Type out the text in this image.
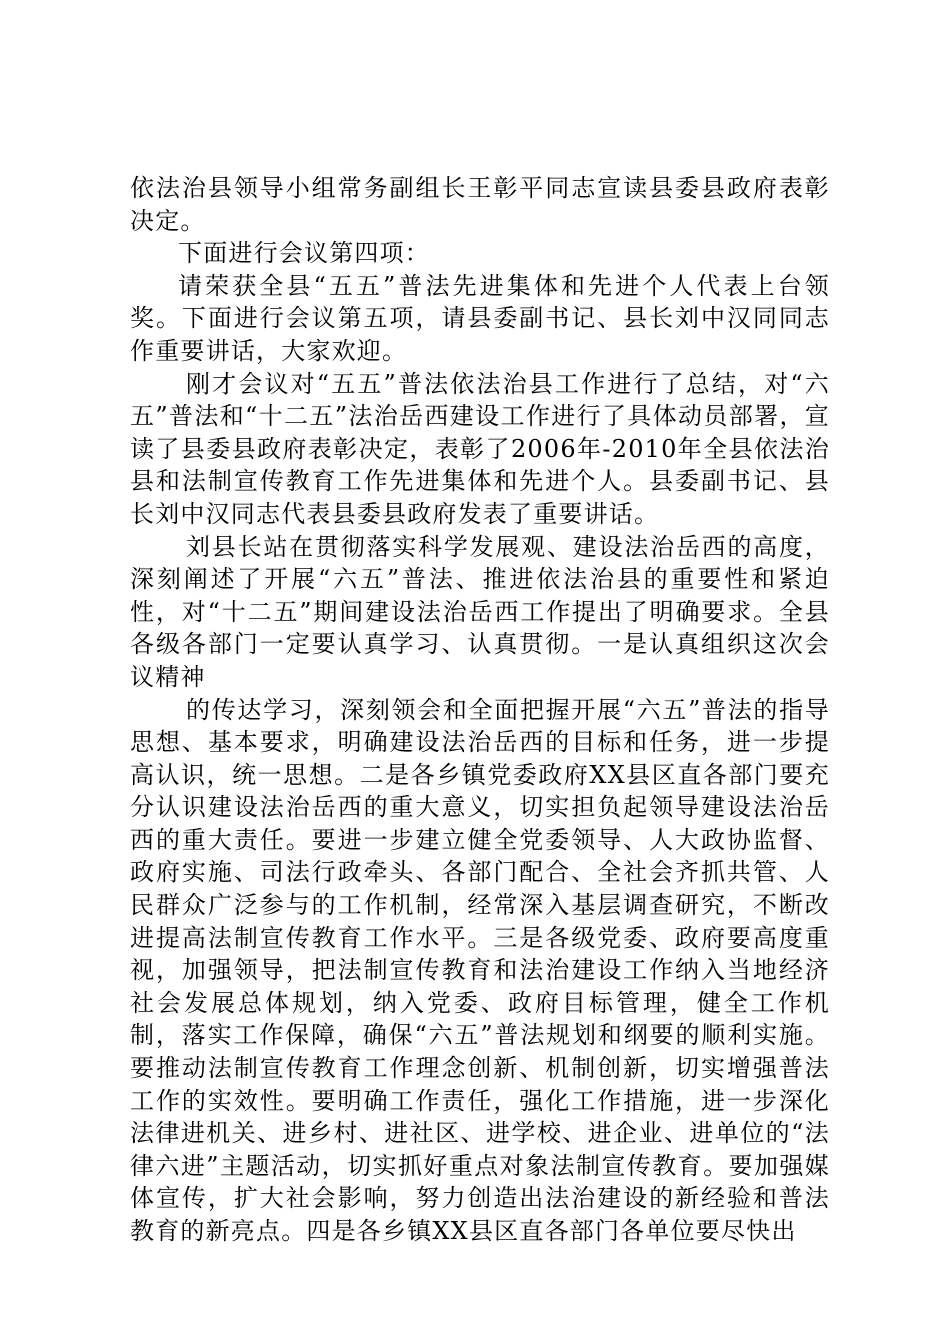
依法治县领导小组常务副组长王彰平同志宣读县委县政府表彰决定。

下面进行会议第四项：

请荣获全县“五五”普法先进集体和先进个人代表上台领奖。下面进行会议第五项，请县委副书记、县长刘中汉同同志作重要讲话，大家欢迎。

刚才会议对“五五”普法依法治县工作进行了总结，对“六五”普法和“十二五”法治岳西建设工作进行了具体动员部署，宣读了县委县政府表彰决定，表彰了2006年-2010年全县依法治县和法制宣传教育工作先进集体和先进个人。县委副书记、县长刘中汉同志代表县委县政府发表了重要讲话。

刘县长站在贯彻落实科学发展观、建设法治岳西的高度，深刻阐述了开展“六五”普法、推进依法治县的重要性和紧迫性，对“十二五”期间建设法治岳西工作提出了明确要求。全县各级各部门一定要认真学习、认真贯彻。一是认真组织这次会议精神

的传达学习，深刻领会和全面把握开展“六五”普法的指导思想、基本要求，明确建设法治岳西的目标和任务，进一步提高认识，统一思想。二是各乡镇党委政府XX县区直各部门要充分认识建设法治岳西的重大意义，切实担负起领导建设法治岳西的重大责任。要进一步建立健全党委领导、人大政协监督、政府实施、司法行政牵头、各部门配合、全社会齐抓共管、人民群众广泛参与的工作机制，经常深入基层调查研究，不断改进提高法制宣传教育工作水平。三是各级党委、政府要高度重视，加强领导，把法制宣传教育和法治建设工作纳入当地经济社会发展总体规划，纳入党委、政府目标管理，健全工作机制，落实工作保障，确保“六五”普法规划和纲要的顺利实施。要推动法制宣传教育工作理念创新、机制创新，切实增强普法工作的实效性。要明确工作责任，强化工作措施，进一步深化法律进机关、进乡村、进社区、进学校、进企业、进单位的“法律六进”主题活动，切实抓好重点对象法制宣传教育。要加强媒体宣传，扩大社会影响，努力创造出法治建设的新经验和普法教育的新亮点。四是各乡镇XX县区直各部门各单位要尽快出
